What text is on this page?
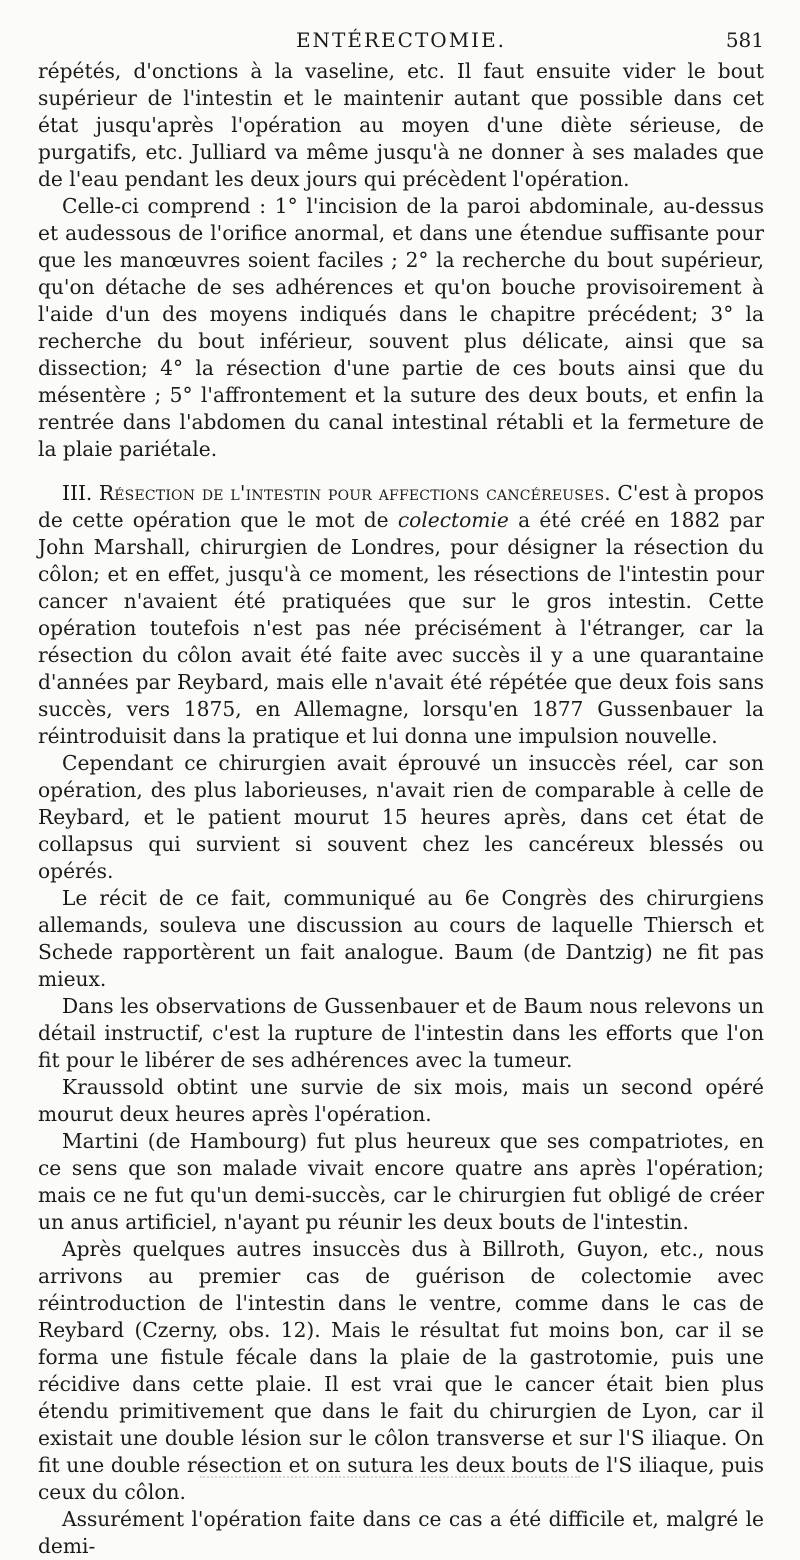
ENTÉRECTOMIE.	581

répétés, d'onctions à la vaseline, etc. Il faut ensuite vider le bout supérieur de l'intestin et le maintenir autant que possible dans cet état jusqu'après l'opération au moyen d'une diète sérieuse, de purgatifs, etc. Julliard va même jusqu'à ne donner à ses malades que de l'eau pendant les deux jours qui précèdent l'opération.

Celle-ci comprend : 1° l'incision de la paroi abdominale, au-dessus et audessous de l'orifice anormal, et dans une étendue suffisante pour que les manœuvres soient faciles ; 2° la recherche du bout supérieur, qu'on détache de ses adhérences et qu'on bouche provisoirement à l'aide d'un des moyens indiqués dans le chapitre précédent; 3° la recherche du bout inférieur, souvent plus délicate, ainsi que sa dissection; 4° la résection d'une partie de ces bouts ainsi que du mésentère ; 5° l'affrontement et la suture des deux bouts, et enfin la rentrée dans l'abdomen du canal intestinal rétabli et la fermeture de la plaie pariétale.

III. Résection de l'intestin pour affections cancéreuses. C'est à propos de cette opération que le mot de colectomie a été créé en 1882 par John Marshall, chirurgien de Londres, pour désigner la résection du côlon; et en effet, jusqu'à ce moment, les résections de l'intestin pour cancer n'avaient été pratiquées que sur le gros intestin. Cette opération toutefois n'est pas née précisément à l'étranger, car la résection du côlon avait été faite avec succès il y a une quarantaine d'années par Reybard, mais elle n'avait été répétée que deux fois sans succès, vers 1875, en Allemagne, lorsqu'en 1877 Gussenbauer la réintroduisit dans la pratique et lui donna une impulsion nouvelle.

Cependant ce chirurgien avait éprouvé un insuccès réel, car son opération, des plus laborieuses, n'avait rien de comparable à celle de Reybard, et le patient mourut 15 heures après, dans cet état de collapsus qui survient si souvent chez les cancéreux blessés ou opérés.

Le récit de ce fait, communiqué au 6e Congrès des chirurgiens allemands, souleva une discussion au cours de laquelle Thiersch et Schede rapportèrent un fait analogue. Baum (de Dantzig) ne fit pas mieux.

Dans les observations de Gussenbauer et de Baum nous relevons un détail instructif, c'est la rupture de l'intestin dans les efforts que l'on fit pour le libérer de ses adhérences avec la tumeur.

Kraussold obtint une survie de six mois, mais un second opéré mourut deux heures après l'opération.

Martini (de Hambourg) fut plus heureux que ses compatriotes, en ce sens que son malade vivait encore quatre ans après l'opération; mais ce ne fut qu'un demi-succès, car le chirurgien fut obligé de créer un anus artificiel, n'ayant pu réunir les deux bouts de l'intestin.

Après quelques autres insuccès dus à Billroth, Guyon, etc., nous arrivons au premier cas de guérison de colectomie avec réintroduction de l'intestin dans le ventre, comme dans le cas de Reybard (Czerny, obs. 12). Mais le résultat fut moins bon, car il se forma une fistule fécale dans la plaie de la gastrotomie, puis une récidive dans cette plaie. Il est vrai que le cancer était bien plus étendu primitivement que dans le fait du chirurgien de Lyon, car il existait une double lésion sur le côlon transverse et sur l'S iliaque. On fit une double résection et on sutura les deux bouts de l'S iliaque, puis ceux du côlon.

Assurément l'opération faite dans ce cas a été difficile et, malgré le demi-
